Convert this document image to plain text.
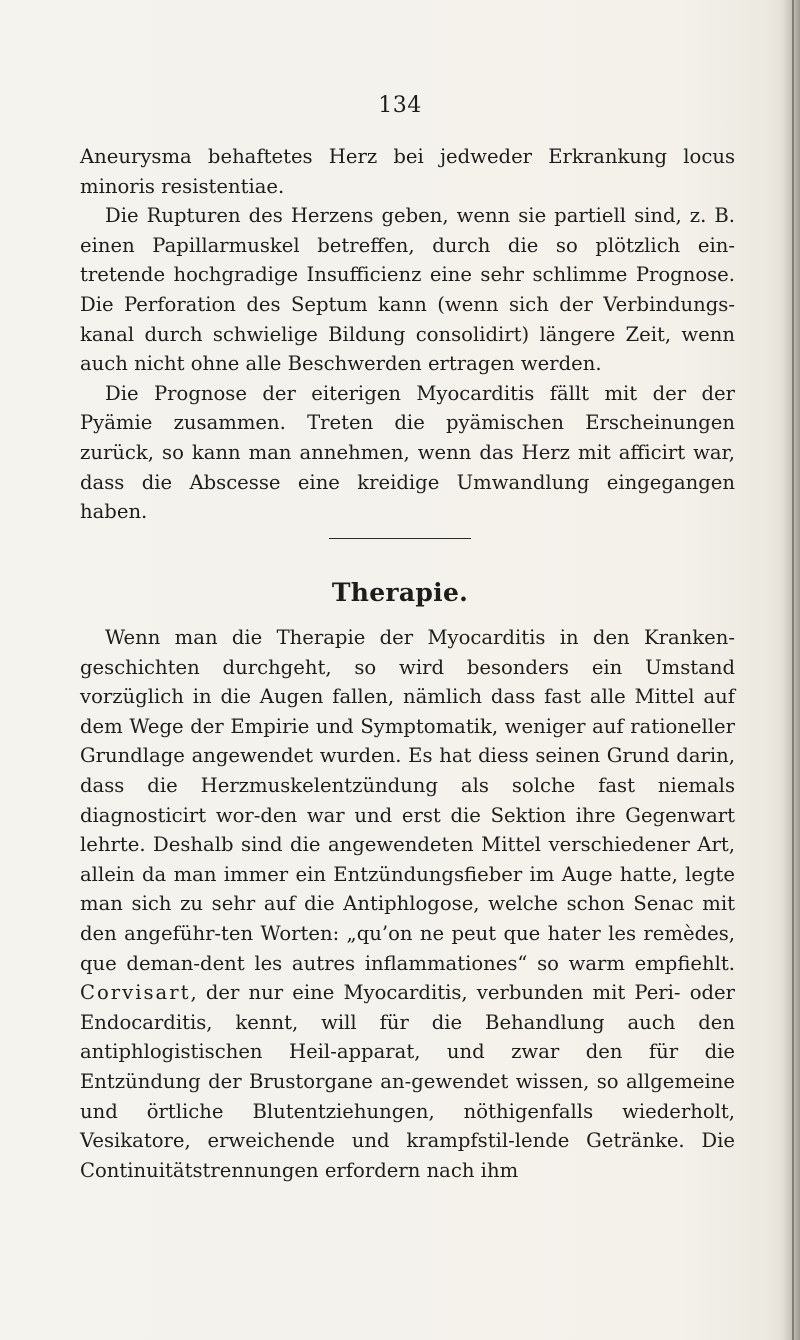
134

Aneurysma behaftetes Herz bei jedweder Erkrankung locus minoris resistentiae.

Die Rupturen des Herzens geben, wenn sie partiell sind, z. B. einen Papillarmuskel betreffen, durch die so plötzlich ein-tretende hochgradige Insufficienz eine sehr schlimme Prognose. Die Perforation des Septum kann (wenn sich der Verbindungs-kanal durch schwielige Bildung consolidirt) längere Zeit, wenn auch nicht ohne alle Beschwerden ertragen werden.

Die Prognose der eiterigen Myocarditis fällt mit der der Pyämie zusammen. Treten die pyämischen Erscheinungen zurück, so kann man annehmen, wenn das Herz mit afficirt war, dass die Abscesse eine kreidige Umwandlung eingegangen haben.

Therapie.

Wenn man die Therapie der Myocarditis in den Kranken-geschichten durchgeht, so wird besonders ein Umstand vorzüglich in die Augen fallen, nämlich dass fast alle Mittel auf dem Wege der Empirie und Symptomatik, weniger auf rationeller Grundlage angewendet wurden. Es hat diess seinen Grund darin, dass die Herzmuskelentzündung als solche fast niemals diagnosticirt wor-den war und erst die Sektion ihre Gegenwart lehrte. Deshalb sind die angewendeten Mittel verschiedener Art, allein da man immer ein Entzündungsfieber im Auge hatte, legte man sich zu sehr auf die Antiphlogose, welche schon Senac mit den angeführ-ten Worten: „qu’on ne peut que hater les remèdes, que deman-dent les autres inflammationes“ so warm empfiehlt. Corvisart, der nur eine Myocarditis, verbunden mit Peri- oder Endocarditis, kennt, will für die Behandlung auch den antiphlogistischen Heil-apparat, und zwar den für die Entzündung der Brustorgane an-gewendet wissen, so allgemeine und örtliche Blutentziehungen, nöthigenfalls wiederholt, Vesikatore, erweichende und krampfstil-lende Getränke. Die Continuitätstrennungen erfordern nach ihm
